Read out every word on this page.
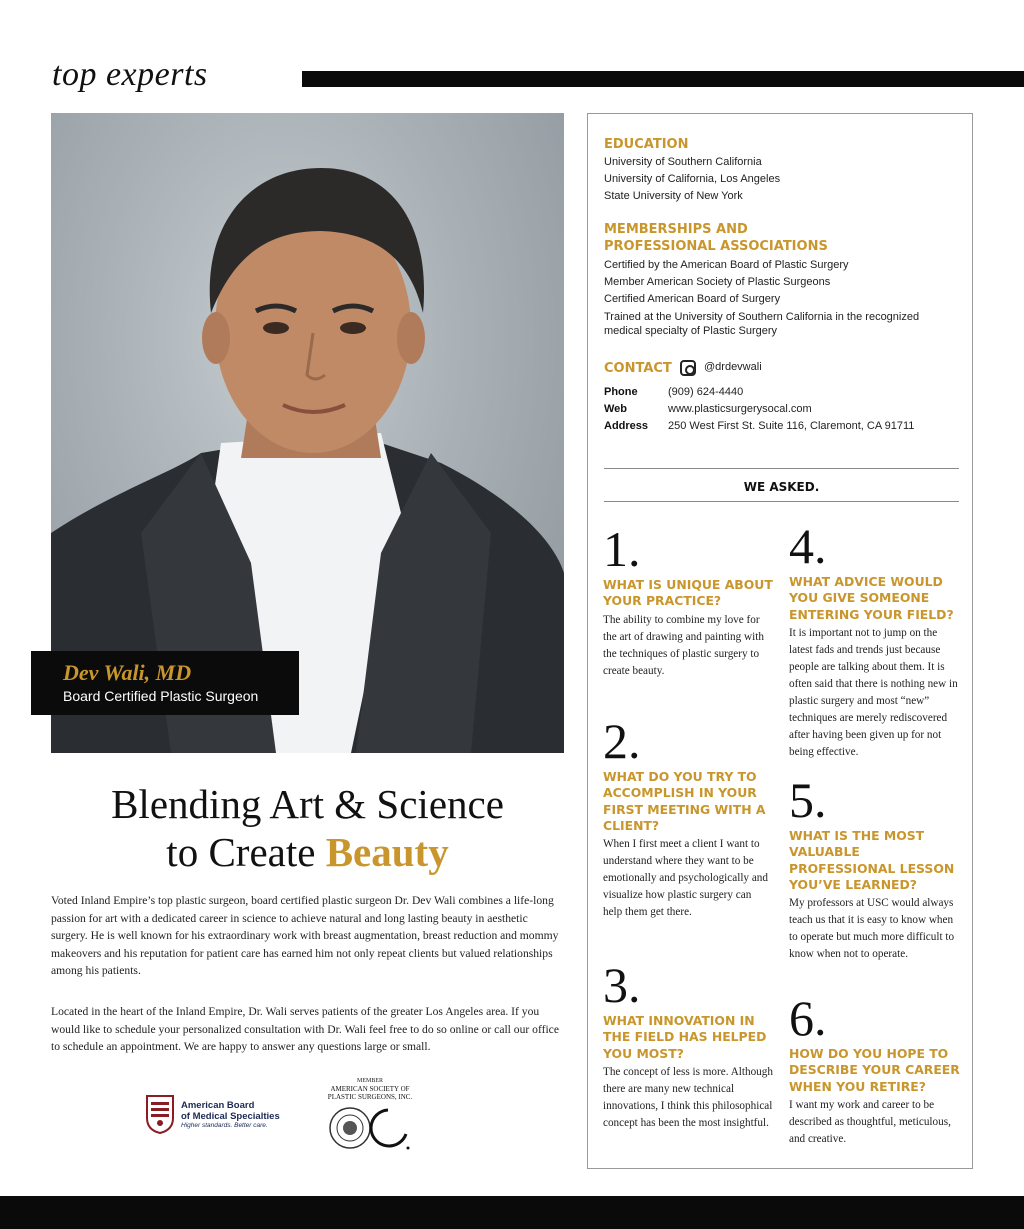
top experts
Dev Wali, MD
Board Certified Plastic Surgeon
Blending Art & Science
to Create Beauty

Voted Inland Empire’s top plastic surgeon, board certified plastic surgeon Dr. Dev Wali combines a life-long passion for art with a dedicated career in science to achieve natural and long lasting beauty in aesthetic surgery. He is well known for his extraordinary work with breast augmentation, breast reduction and mommy makeovers and his reputation for patient care has earned him not only repeat clients but valued relationships among his patients.

Located in the heart of the Inland Empire, Dr. Wali serves patients of the greater Los Angeles area. If you would like to schedule your personalized consultation with Dr. Wali feel free to do so online or call our office to schedule an appointment. We are happy to answer any questions large or small.

American Board
of Medical Specialties
Higher standards. Better care.
MEMBER
AMERICAN SOCIETY OF
PLASTIC SURGEONS, INC.
EDUCATION
University of Southern California
University of California, Los Angeles
State University of New York
MEMBERSHIPS AND
PROFESSIONAL ASSOCIATIONS
Certified by the American Board of Plastic Surgery
Member American Society of Plastic Surgeons
Certified American Board of Surgery
Trained at the University of Southern California in the recognized medical specialty of Plastic Surgery
CONTACT	@drdevwali
Phone	(909) 624-4440
Web	www.plasticsurgerysocal.com
Address	250 West First St. Suite 116, Claremont, CA 91711
WE ASKED.
1.
WHAT IS UNIQUE ABOUT YOUR PRACTICE?
The ability to combine my love for the art of drawing and painting with the techniques of plastic surgery to create beauty.
2.
WHAT DO YOU TRY TO ACCOMPLISH IN YOUR FIRST MEETING WITH A CLIENT?
When I first meet a client I want to understand where they want to be emotionally and psychologically and visualize how plastic surgery can help them get there.
3.
WHAT INNOVATION IN THE FIELD HAS HELPED YOU MOST?
The concept of less is more. Although there are many new technical innovations, I think this philosophical concept has been the most insightful.
4.
WHAT ADVICE WOULD YOU GIVE SOMEONE ENTERING YOUR FIELD?
It is important not to jump on the latest fads and trends just because people are talking about them. It is often said that there is nothing new in plastic surgery and most “new” techniques are merely rediscovered after having been given up for not being effective.
5.
WHAT IS THE MOST VALUABLE PROFESSIONAL LESSON YOU’VE LEARNED?
My professors at USC would always teach us that it is easy to know when to operate but much more difficult to know when not to operate.
6.
HOW DO YOU HOPE TO DESCRIBE YOUR CAREER WHEN YOU RETIRE?
I want my work and career to be described as thoughtful, meticulous, and creative.
